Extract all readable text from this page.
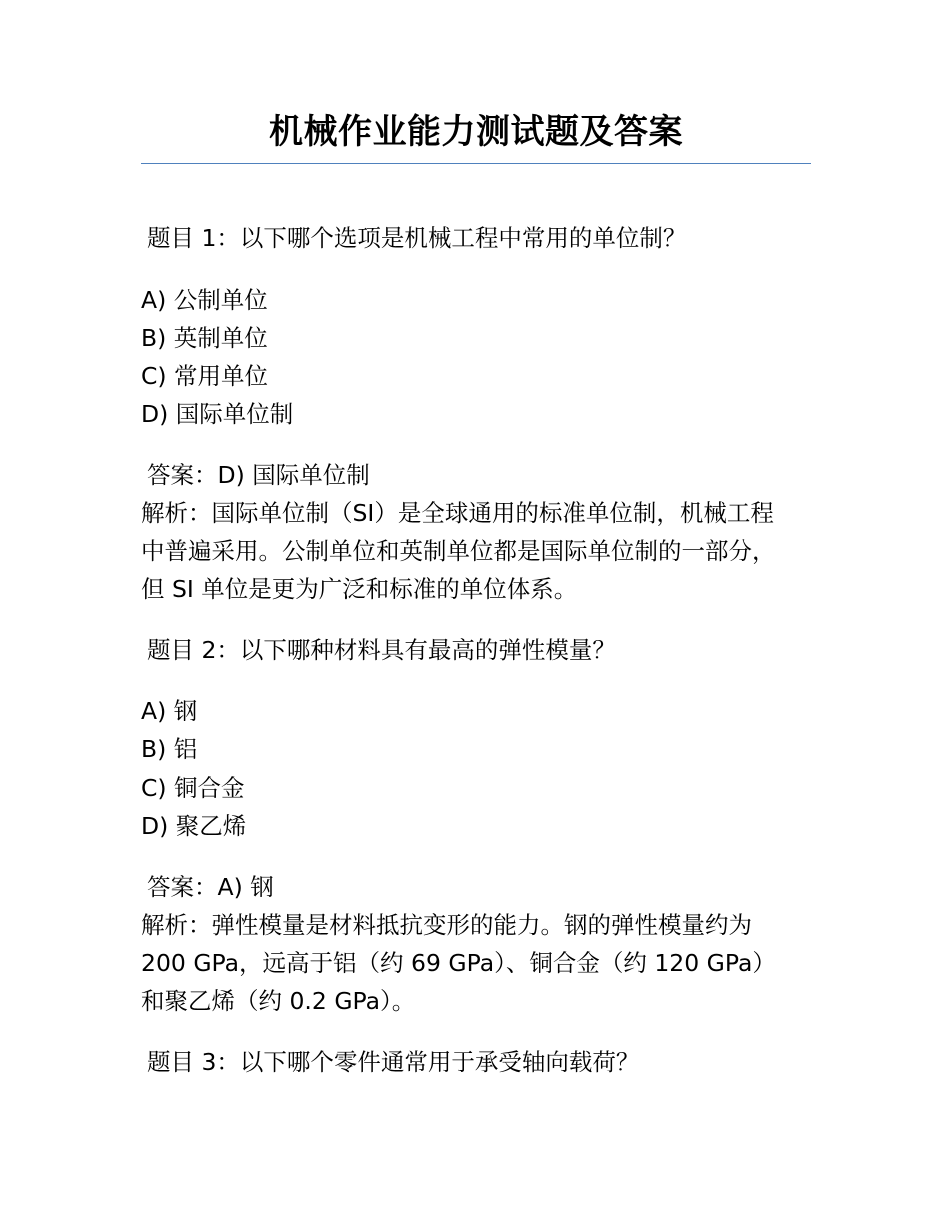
机械作业能力测试题及答案
题目 1：以下哪个选项是机械工程中常用的单位制？
A) 公制单位
B) 英制单位
C) 常用单位
D) 国际单位制
答案：D) 国际单位制
解析：国际单位制（SI）是全球通用的标准单位制，机械工程
中普遍采用。公制单位和英制单位都是国际单位制的一部分，
但 SI 单位是更为广泛和标准的单位体系。
题目 2：以下哪种材料具有最高的弹性模量？
A) 钢
B) 铝
C) 铜合金
D) 聚乙烯
答案：A) 钢
解析：弹性模量是材料抵抗变形的能力。钢的弹性模量约为
200 GPa，远高于铝（约 69 GPa）、铜合金（约 120 GPa）
和聚乙烯（约 0.2 GPa）。
题目 3：以下哪个零件通常用于承受轴向载荷？
